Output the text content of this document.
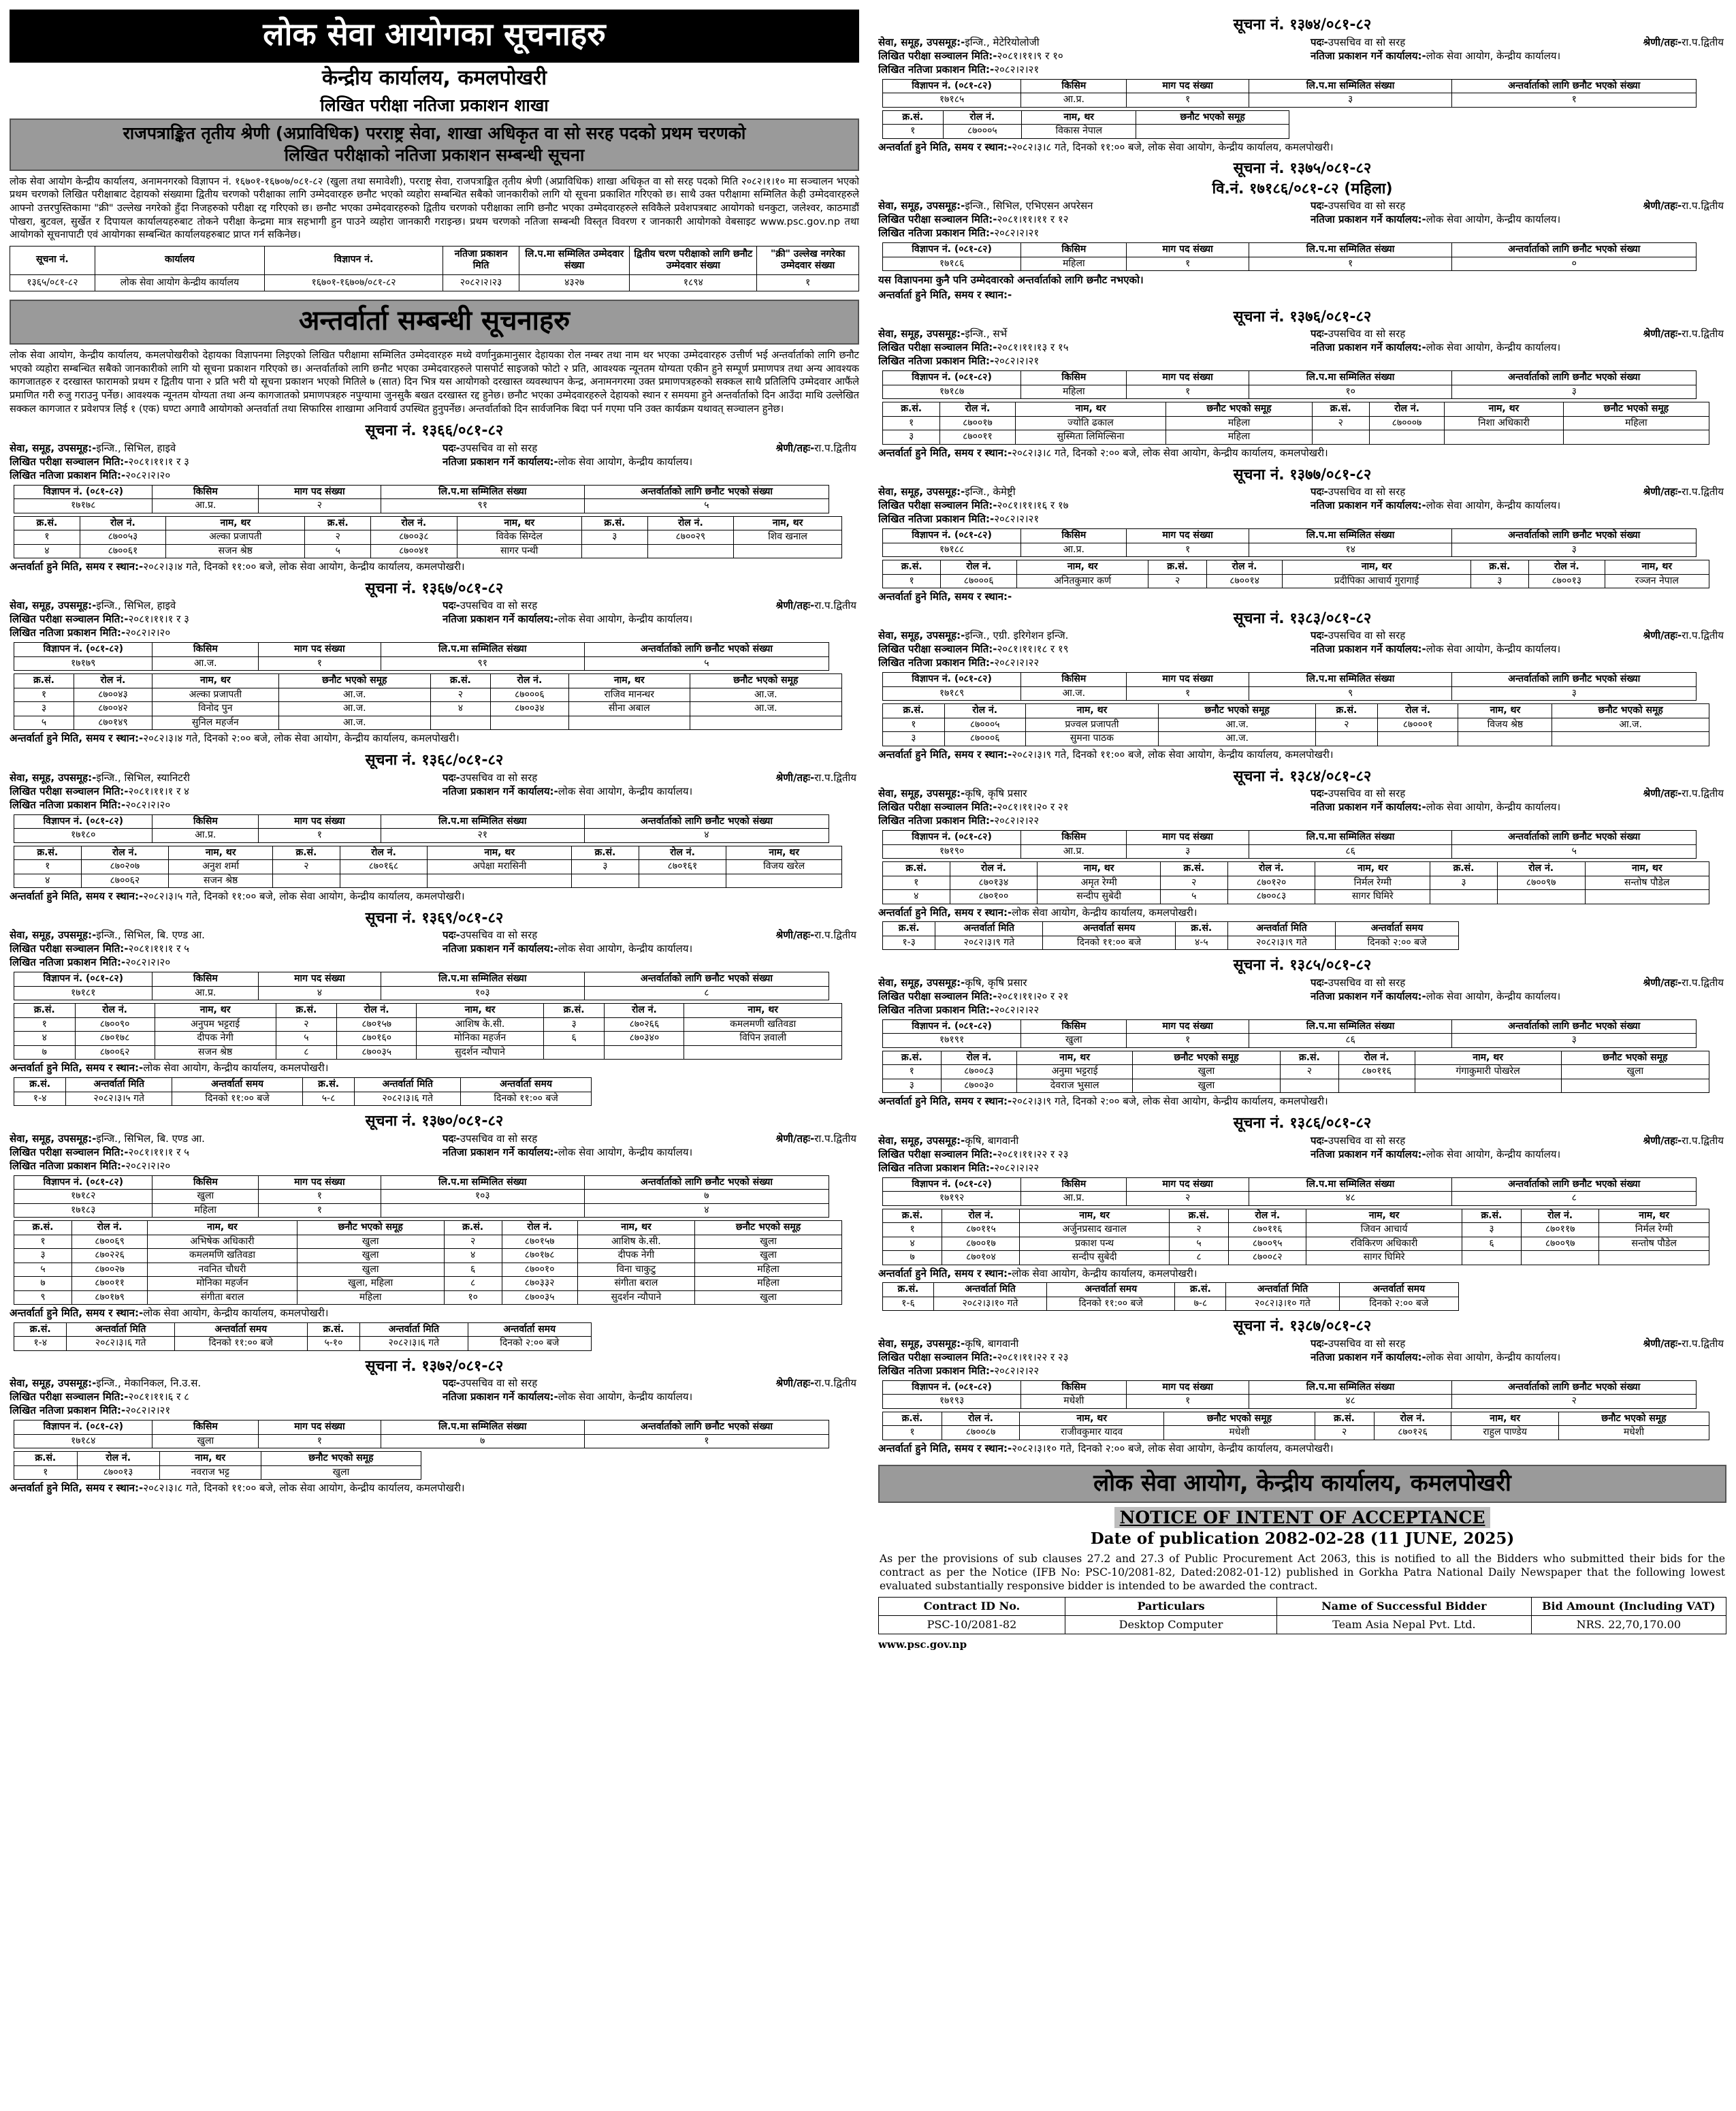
लोक सेवा आयोगका सूचनाहरु
केन्द्रीय कार्यालय, कमलपोखरी
लिखित परीक्षा नतिजा प्रकाशन शाखा
राजपत्राङ्कित तृतीय श्रेणी (अप्राविधिक) परराष्ट्र सेवा, शाखा अधिकृत वा सो सरह पदको प्रथम चरणको
लिखित परीक्षाको नतिजा प्रकाशन सम्बन्धी सूचना

लोक सेवा आयोग केन्द्रीय कार्यालय, अनामनगरको विज्ञापन नं. १६७०१-१६७०७/०८१-८२ (खुला तथा समावेशी), परराष्ट्र सेवा, राजपत्राङ्कित तृतीय श्रेणी (अप्राविधिक) शाखा अधिकृत वा सो सरह पदको मिति २०८२।१।१० मा सञ्चालन भएको प्रथम चरणको लिखित परीक्षाबाट देहायको संख्यामा द्वितीय चरणको परीक्षाका लागि उम्मेदवारहरु छनौट भएको व्यहोरा सम्बन्धित सबैको जानकारीको लागि यो सूचना प्रकाशित गरिएको छ। साथै उक्त परीक्षामा सम्मिलित केही उम्मेदवारहरुले आफ्नो उत्तरपुस्तिकामा "क्री" उल्लेख नगरेको हुँदा निजहरुको परीक्षा रद्द गरिएको छ। छनौट भएका उम्मेदवारहरुको द्वितीय चरणको परीक्षाका लागि छनौट भएका उम्मेदवारहरुले सविकैले प्रवेशपत्रबाट आयोगको धनकुटा, जलेश्वर, काठमाडौं पोखरा, बुटवल, सुर्खेत र दिपायल कार्यालयहरुबाट तोकने परीक्षा केन्द्रमा मात्र सहभागी हुन पाउने व्यहोरा जानकारी गराइन्छ। प्रथम चरणको नतिजा सम्बन्धी विस्तृत विवरण र जानकारी आयोगको वेबसाइट www.psc.gov.np तथा आयोगको सूचनापाटी एवं आयोगका सम्बन्धित कार्यालयहरुबाट प्राप्त गर्न सकिनेछ।

सूचना नं.	कार्यालय	विज्ञापन नं.	नतिजा प्रकाशन मिति	लि.प.मा सम्मिलित उम्मेदवार संख्या	द्वितीय चरण परीक्षाको लागि छनौट उम्मेदवार संख्या	"क्री" उल्लेख नगरेका उम्मेदवार संख्या
१३६५/०८१-८२	लोक सेवा आयोग केन्द्रीय कार्यालय	१६७०१-१६७०७/०८१-८२	२०८२।२।२३	४३२७	१८९४	१
अन्तर्वार्ता सम्बन्धी सूचनाहरु

लोक सेवा आयोग, केन्द्रीय कार्यालय, कमलपोखरीको देहायका विज्ञापनमा लिइएको लिखित परीक्षामा सम्मिलित उम्मेदवारहरु मध्ये वर्णानुक्रमानुसार देहायका रोल नम्बर तथा नाम थर भएका उम्मेदवारहरु उत्तीर्ण भई अन्तर्वार्ताको लागि छनौट भएको व्यहोरा सम्बन्धित सबैको जानकारीको लागि यो सूचना प्रकाशन गरिएको छ। अन्तर्वार्ताको लागि छनौट भएका उम्मेदवारहरुले पासपोर्ट साइजको फोटो २ प्रति, आवश्यक न्यूनतम योग्यता एकीन हुने सम्पूर्ण प्रमाणपत्र तथा अन्य आवश्यक कागजातहरु र दरखास्त फारामको प्रथम र द्वितीय पाना २ प्रति भरी यो सूचना प्रकाशन भएको मितिले ७ (सात) दिन भित्र यस आयोगको दरखास्त व्यवस्थापन केन्द्र, अनामनगरमा उक्त प्रमाणपत्रहरुको सक्कल साथै प्रतिलिपि उम्मेदवार आफैंले प्रमाणित गरी रुजु गराउनु पर्नेछ। आवश्यक न्यूनतम योग्यता तथा अन्य कागजातको प्रमाणपत्रहरु नपुग्यामा जुनसुकै बखत दरखास्त रद्द हुनेछ। छनौट भएका उम्मेदवारहरुले देहायको स्थान र समयमा हुने अन्तर्वार्ताको दिन आउँदा माथि उल्लेखित सक्कल कागजात र प्रवेशपत्र लिई १ (एक) घण्टा अगावै आयोगको अन्तर्वार्ता तथा सिफारिस शाखामा अनिवार्य उपस्थित हुनुपर्नेछ। अन्तर्वार्ताको दिन सार्वजनिक बिदा पर्न गएमा पनि उक्त कार्यक्रम यथावत् सञ्चालन हुनेछ।

सूचना नं. १३६६/०८१-८२
सेवा, समूह, उपसमूह:-इन्जि., सिभिल, हाइवे	पदः-उपसचिव वा सो सरह	श्रेणी/तहः-रा.प.द्वितीय
लिखित परीक्षा सञ्चालन मिति:-२०८१।११।१ र ३	नतिजा प्रकाशन गर्ने कार्यालय:-लोक सेवा आयोग, केन्द्रीय कार्यालय।
लिखित नतिजा प्रकाशन मिति:-२०८२।२।२०
विज्ञापन नं. (०८१-८२)	किसिम	माग पद संख्या	लि.प.मा सम्मिलित संख्या	अन्तर्वार्ताको लागि छनौट भएको संख्या
१७१७८	आ.प्र.	२	९१	५
क्र.सं.	रोल नं.	नाम, थर	क्र.सं.	रोल नं.	नाम, थर	क्र.सं.	रोल नं.	नाम, थर
१	८७००५३	अल्का प्रजापती	२	८७००३८	विवेक सिग्देल	३	८७००२९	शिव खनाल
४	८७००६१	सजन श्रेष्ठ	५	८७००४१	सागर पन्थी			
अन्तर्वार्ता हुने मिति, समय र स्थान:-२०८२।३।४ गते, दिनको ११:०० बजे, लोक सेवा आयोग, केन्द्रीय कार्यालय, कमलपोखरी।
सूचना नं. १३६७/०८१-८२
सेवा, समूह, उपसमूह:-इन्जि., सिभिल, हाइवे	पदः-उपसचिव वा सो सरह	श्रेणी/तहः-रा.प.द्वितीय
लिखित परीक्षा सञ्चालन मिति:-२०८१।११।१ र ३	नतिजा प्रकाशन गर्ने कार्यालय:-लोक सेवा आयोग, केन्द्रीय कार्यालय।
लिखित नतिजा प्रकाशन मिति:-२०८२।२।२०
विज्ञापन नं. (०८१-८२)	किसिम	माग पद संख्या	लि.प.मा सम्मिलित संख्या	अन्तर्वार्ताको लागि छनौट भएको संख्या
१७१७९	आ.ज.	१	९१	५
क्र.सं.	रोल नं.	नाम, थर	छनौट भएको समूह	क्र.सं.	रोल नं.	नाम, थर	छनौट भएको समूह
१	८७००४३	अल्का प्रजापती	आ.ज.	२	८७०००६	राजिव मानन्धर	आ.ज.
३	८७००४२	विनोद पुन	आ.ज.	४	८७००३४	सीना अबाल	आ.ज.
५	८७०१४९	सुनिल महर्जन	आ.ज.				
अन्तर्वार्ता हुने मिति, समय र स्थान:-२०८२।३।४ गते, दिनको २:०० बजे, लोक सेवा आयोग, केन्द्रीय कार्यालय, कमलपोखरी।
सूचना नं. १३६८/०८१-८२
सेवा, समूह, उपसमूह:-इन्जि., सिभिल, स्यानिटरी	पदः-उपसचिव वा सो सरह	श्रेणी/तहः-रा.प.द्वितीय
लिखित परीक्षा सञ्चालन मिति:-२०८१।११।१ र ४	नतिजा प्रकाशन गर्ने कार्यालय:-लोक सेवा आयोग, केन्द्रीय कार्यालय।
लिखित नतिजा प्रकाशन मिति:-२०८२।२।२०
विज्ञापन नं. (०८१-८२)	किसिम	माग पद संख्या	लि.प.मा सम्मिलित संख्या	अन्तर्वार्ताको लागि छनौट भएको संख्या
१७१८०	आ.प्र.	१	२१	४
क्र.सं.	रोल नं.	नाम, थर	क्र.सं.	रोल नं.	नाम, थर	क्र.सं.	रोल नं.	नाम, थर
१	८७०२०७	अनुश शर्मा	२	८७०१६८	अपेक्षा मरासिनी	३	८७०१६१	विजय खरेल
४	८७००६२	सजन श्रेष्ठ						
अन्तर्वार्ता हुने मिति, समय र स्थान:-२०८२।३।५ गते, दिनको ११:०० बजे, लोक सेवा आयोग, केन्द्रीय कार्यालय, कमलपोखरी।
सूचना नं. १३६९/०८१-८२
सेवा, समूह, उपसमूह:-इन्जि., सिभिल, बि. एण्ड आ.	पदः-उपसचिव वा सो सरह	श्रेणी/तहः-रा.प.द्वितीय
लिखित परीक्षा सञ्चालन मिति:-२०८१।११।१ र ५	नतिजा प्रकाशन गर्ने कार्यालय:-लोक सेवा आयोग, केन्द्रीय कार्यालय।
लिखित नतिजा प्रकाशन मिति:-२०८२।२।२०
विज्ञापन नं. (०८१-८२)	किसिम	माग पद संख्या	लि.प.मा सम्मिलित संख्या	अन्तर्वार्ताको लागि छनौट भएको संख्या
१७१८१	आ.प्र.	४	१०३	८
क्र.सं.	रोल नं.	नाम, थर	क्र.सं.	रोल नं.	नाम, थर	क्र.सं.	रोल नं.	नाम, थर
१	८७००९०	अनुपम भट्टराई	२	८७०१५७	आशिष के.सी.	३	८७०२६६	कमलमणी खतिवडा
४	८७०१७८	दीपक नेगी	५	८७०१६०	मोनिका महर्जन	६	८७०३४०	विपिन ज्ञवाली
७	८७००६२	सजन श्रेष्ठ	८	८७००३५	सुदर्शन न्यौपाने			
अन्तर्वार्ता हुने मिति, समय र स्थान:-लोक सेवा आयोग, केन्द्रीय कार्यालय, कमलपोखरी।
क्र.सं.	अन्तर्वार्ता मिति	अन्तर्वार्ता समय	क्र.सं.	अन्तर्वार्ता मिति	अन्तर्वार्ता समय
१-४	२०८२।३।५ गते	दिनको ११:०० बजे	५-८	२०८२।३।६ गते	दिनको ११:०० बजे
सूचना नं. १३७०/०८१-८२
सेवा, समूह, उपसमूह:-इन्जि., सिभिल, बि. एण्ड आ.	पदः-उपसचिव वा सो सरह	श्रेणी/तहः-रा.प.द्वितीय
लिखित परीक्षा सञ्चालन मिति:-२०८१।११।१ र ५	नतिजा प्रकाशन गर्ने कार्यालय:-लोक सेवा आयोग, केन्द्रीय कार्यालय।
लिखित नतिजा प्रकाशन मिति:-२०८२।२।२०
विज्ञापन नं. (०८१-८२)	किसिम	माग पद संख्या	लि.प.मा सम्मिलित संख्या	अन्तर्वार्ताको लागि छनौट भएको संख्या
१७१८२	खुला	१	१०३	७
१७१८३	महिला	१		४
क्र.सं.	रोल नं.	नाम, थर	छनौट भएको समूह	क्र.सं.	रोल नं.	नाम, थर	छनौट भएको समूह
१	८७००६९	अभिषेक अधिकारी	खुला	२	८७०१५७	आशिष के.सी.	खुला
३	८७०२२६	कमलमणि खतिवडा	खुला	४	८७०१७८	दीपक नेगी	खुला
५	८७००२७	नवनित चौधरी	खुला	६	८७००१०	विना चाकुटु	महिला
७	८७००११	मोनिका महर्जन	खुला, महिला	८	८७०३३२	संगीता बराल	महिला
९	८७०१७९	संगीता बराल	महिला	१०	८७००३५	सुदर्शन न्यौपाने	खुला
अन्तर्वार्ता हुने मिति, समय र स्थान:-लोक सेवा आयोग, केन्द्रीय कार्यालय, कमलपोखरी।
क्र.सं.	अन्तर्वार्ता मिति	अन्तर्वार्ता समय	क्र.सं.	अन्तर्वार्ता मिति	अन्तर्वार्ता समय
१-४	२०८२।३।६ गते	दिनको ११:०० बजे	५-१०	२०८२।३।६ गते	दिनको २:०० बजे
सूचना नं. १३७२/०८१-८२
सेवा, समूह, उपसमूह:-इन्जि., मेकानिकल, नि.उ.स.	पदः-उपसचिव वा सो सरह	श्रेणी/तहः-रा.प.द्वितीय
लिखित परीक्षा सञ्चालन मिति:-२०८१।११।६ र ८	नतिजा प्रकाशन गर्ने कार्यालय:-लोक सेवा आयोग, केन्द्रीय कार्यालय।
लिखित नतिजा प्रकाशन मिति:-२०८२।२।२१
विज्ञापन नं. (०८१-८२)	किसिम	माग पद संख्या	लि.प.मा सम्मिलित संख्या	अन्तर्वार्ताको लागि छनौट भएको संख्या
१७१८४	खुला	१	७	१
क्र.सं.	रोल नं.	नाम, थर	छनौट भएको समूह
१	८७००१३	नवराज भट्ट	खुला
अन्तर्वार्ता हुने मिति, समय र स्थान:-२०८२।३।८ गते, दिनको ११:०० बजे, लोक सेवा आयोग, केन्द्रीय कार्यालय, कमलपोखरी।
सूचना नं. १३७४/०८१-८२
सेवा, समूह, उपसमूह:-इन्जि., मेटेरियोलोजी	पदः-उपसचिव वा सो सरह	श्रेणी/तहः-रा.प.द्वितीय
लिखित परीक्षा सञ्चालन मिति:-२०८१।११।९ र १०	नतिजा प्रकाशन गर्ने कार्यालय:-लोक सेवा आयोग, केन्द्रीय कार्यालय।
लिखित नतिजा प्रकाशन मिति:-२०८२।२।२१
विज्ञापन नं. (०८१-८२)	किसिम	माग पद संख्या	लि.प.मा सम्मिलित संख्या	अन्तर्वार्ताको लागि छनौट भएको संख्या
१७१८५	आ.प्र.	१	३	१
क्र.सं.	रोल नं.	नाम, थर	छनौट भएको समूह
१	८७०००५	विकास नेपाल	
अन्तर्वार्ता हुने मिति, समय र स्थान:-२०८२।३।८ गते, दिनको ११:०० बजे, लोक सेवा आयोग, केन्द्रीय कार्यालय, कमलपोखरी।
सूचना नं. १३७५/०८१-८२
वि.नं. १७१८६/०८१-८२ (महिला)
सेवा, समूह, उपसमूह:-इन्जि., सिभिल, एभिएसन अपरेसन	पदः-उपसचिव वा सो सरह	श्रेणी/तहः-रा.प.द्वितीय
लिखित परीक्षा सञ्चालन मिति:-२०८१।११।११ र १२	नतिजा प्रकाशन गर्ने कार्यालय:-लोक सेवा आयोग, केन्द्रीय कार्यालय।
लिखित नतिजा प्रकाशन मिति:-२०८२।२।२१
विज्ञापन नं. (०८१-८२)	किसिम	माग पद संख्या	लि.प.मा सम्मिलित संख्या	अन्तर्वार्ताको लागि छनौट भएको संख्या
१७१८६	महिला	१	१	०
यस विज्ञापनमा कुनै पनि उम्मेदवारको अन्तर्वार्ताको लागि छनौट नभएको।
अन्तर्वार्ता हुने मिति, समय र स्थान:-
सूचना नं. १३७६/०८१-८२
सेवा, समूह, उपसमूह:-इन्जि., सर्भे	पदः-उपसचिव वा सो सरह	श्रेणी/तहः-रा.प.द्वितीय
लिखित परीक्षा सञ्चालन मिति:-२०८१।११।१३ र १५	नतिजा प्रकाशन गर्ने कार्यालय:-लोक सेवा आयोग, केन्द्रीय कार्यालय।
लिखित नतिजा प्रकाशन मिति:-२०८२।२।२१
विज्ञापन नं. (०८१-८२)	किसिम	माग पद संख्या	लि.प.मा सम्मिलित संख्या	अन्तर्वार्ताको लागि छनौट भएको संख्या
१७१८७	महिला	१	१०	३
क्र.सं.	रोल नं.	नाम, थर	छनौट भएको समूह	क्र.सं.	रोल नं.	नाम, थर	छनौट भएको समूह
१	८७००१७	ज्योति ढकाल	महिला	२	८७०००७	निशा अधिकारी	महिला
३	८७००११	सुस्मिता लिमिल्सिना	महिला				
अन्तर्वार्ता हुने मिति, समय र स्थान:-२०८२।३।८ गते, दिनको २:०० बजे, लोक सेवा आयोग, केन्द्रीय कार्यालय, कमलपोखरी।
सूचना नं. १३७७/०८१-८२
सेवा, समूह, उपसमूह:-इन्जि., केमेष्ट्री	पदः-उपसचिव वा सो सरह	श्रेणी/तहः-रा.प.द्वितीय
लिखित परीक्षा सञ्चालन मिति:-२०८१।११।१६ र १७	नतिजा प्रकाशन गर्ने कार्यालय:-लोक सेवा आयोग, केन्द्रीय कार्यालय।
लिखित नतिजा प्रकाशन मिति:-२०८२।२।२१
विज्ञापन नं. (०८१-८२)	किसिम	माग पद संख्या	लि.प.मा सम्मिलित संख्या	अन्तर्वार्ताको लागि छनौट भएको संख्या
१७१८८	आ.प्र.	१	१४	३
क्र.सं.	रोल नं.	नाम, थर	क्र.सं.	रोल नं.	नाम, थर	क्र.सं.	रोल नं.	नाम, थर
१	८७०००६	अनितकुमार कर्ण	२	८७००१४	प्रदीपिका आचार्य गुरागाई	३	८७००१३	रञ्जन नेपाल
अन्तर्वार्ता हुने मिति, समय र स्थान:-
सूचना नं. १३८३/०८१-८२
सेवा, समूह, उपसमूह:-इन्जि., एग्री. इरिगेशन इन्जि.	पदः-उपसचिव वा सो सरह	श्रेणी/तहः-रा.प.द्वितीय
लिखित परीक्षा सञ्चालन मिति:-२०८१।११।१८ र १९	नतिजा प्रकाशन गर्ने कार्यालय:-लोक सेवा आयोग, केन्द्रीय कार्यालय।
लिखित नतिजा प्रकाशन मिति:-२०८२।२।२२
विज्ञापन नं. (०८१-८२)	किसिम	माग पद संख्या	लि.प.मा सम्मिलित संख्या	अन्तर्वार्ताको लागि छनौट भएको संख्या
१७१८९	आ.ज.	१	९	३
क्र.सं.	रोल नं.	नाम, थर	छनौट भएको समूह	क्र.सं.	रोल नं.	नाम, थर	छनौट भएको समूह
१	८७०००५	प्रज्वल प्रजापती	आ.ज.	२	८७०००१	विजय श्रेष्ठ	आ.ज.
३	८७०००६	सुमना पाठक	आ.ज.				
अन्तर्वार्ता हुने मिति, समय र स्थान:-२०८२।३।९ गते, दिनको ११:०० बजे, लोक सेवा आयोग, केन्द्रीय कार्यालय, कमलपोखरी।
सूचना नं. १३८४/०८१-८२
सेवा, समूह, उपसमूह:-कृषि, कृषि प्रसार	पदः-उपसचिव वा सो सरह	श्रेणी/तहः-रा.प.द्वितीय
लिखित परीक्षा सञ्चालन मिति:-२०८१।११।२० र २१	नतिजा प्रकाशन गर्ने कार्यालय:-लोक सेवा आयोग, केन्द्रीय कार्यालय।
लिखित नतिजा प्रकाशन मिति:-२०८२।२।२२
विज्ञापन नं. (०८१-८२)	किसिम	माग पद संख्या	लि.प.मा सम्मिलित संख्या	अन्तर्वार्ताको लागि छनौट भएको संख्या
१७१९०	आ.प्र.	३	८६	५
क्र.सं.	रोल नं.	नाम, थर	क्र.सं.	रोल नं.	नाम, थर	क्र.सं.	रोल नं.	नाम, थर
१	८७०१३४	अमृत रेग्मी	२	८७०१२०	निर्मल रेग्मी	३	८७००९७	सन्तोष पौडेल
४	८७०१००	सन्दीप सुबेदी	५	८७००८३	सागर घिमिरे			
अन्तर्वार्ता हुने मिति, समय र स्थान:-लोक सेवा आयोग, केन्द्रीय कार्यालय, कमलपोखरी।
क्र.सं.	अन्तर्वार्ता मिति	अन्तर्वार्ता समय	क्र.सं.	अन्तर्वार्ता मिति	अन्तर्वार्ता समय
१-३	२०८२।३।९ गते	दिनको ११:०० बजे	४-५	२०८२।३।९ गते	दिनको २:०० बजे
सूचना नं. १३८५/०८१-८२
सेवा, समूह, उपसमूह:-कृषि, कृषि प्रसार	पदः-उपसचिव वा सो सरह	श्रेणी/तहः-रा.प.द्वितीय
लिखित परीक्षा सञ्चालन मिति:-२०८१।११।२० र २१	नतिजा प्रकाशन गर्ने कार्यालय:-लोक सेवा आयोग, केन्द्रीय कार्यालय।
लिखित नतिजा प्रकाशन मिति:-२०८२।२।२२
विज्ञापन नं. (०८१-८२)	किसिम	माग पद संख्या	लि.प.मा सम्मिलित संख्या	अन्तर्वार्ताको लागि छनौट भएको संख्या
१७१९१	खुला	१	८६	३
क्र.सं.	रोल नं.	नाम, थर	छनौट भएको समूह	क्र.सं.	रोल नं.	नाम, थर	छनौट भएको समूह
१	८७००८३	अनुमा भट्टराई	खुला	२	८७०११६	गंगाकुमारी पोखरेल	खुला
३	८७००३०	देवराज भुसाल	खुला				
अन्तर्वार्ता हुने मिति, समय र स्थान:-२०८२।३।९ गते, दिनको २:०० बजे, लोक सेवा आयोग, केन्द्रीय कार्यालय, कमलपोखरी।
सूचना नं. १३८६/०८१-८२
सेवा, समूह, उपसमूह:-कृषि, बागवानी	पदः-उपसचिव वा सो सरह	श्रेणी/तहः-रा.प.द्वितीय
लिखित परीक्षा सञ्चालन मिति:-२०८१।११।२२ र २३	नतिजा प्रकाशन गर्ने कार्यालय:-लोक सेवा आयोग, केन्द्रीय कार्यालय।
लिखित नतिजा प्रकाशन मिति:-२०८२।२।२२
विज्ञापन नं. (०८१-८२)	किसिम	माग पद संख्या	लि.प.मा सम्मिलित संख्या	अन्तर्वार्ताको लागि छनौट भएको संख्या
१७१९२	आ.प्र.	२	४८	८
क्र.सं.	रोल नं.	नाम, थर	क्र.सं.	रोल नं.	नाम, थर	क्र.सं.	रोल नं.	नाम, थर
१	८७०११५	अर्जुनप्रसाद खनाल	२	८७०११६	जिवन आचार्य	३	८७०११७	निर्मल रेग्मी
४	८७००१७	प्रकाश पन्थ	५	८७००९५	रविकिरण अधिकारी	६	८७००९७	सन्तोष पौडेल
७	८७०१०४	सन्दीप सुबेदी	८	८७००८२	सागर घिमिरे			
अन्तर्वार्ता हुने मिति, समय र स्थान:-लोक सेवा आयोग, केन्द्रीय कार्यालय, कमलपोखरी।
क्र.सं.	अन्तर्वार्ता मिति	अन्तर्वार्ता समय	क्र.सं.	अन्तर्वार्ता मिति	अन्तर्वार्ता समय
१-६	२०८२।३।१० गते	दिनको ११:०० बजे	७-८	२०८२।३।१० गते	दिनको २:०० बजे
सूचना नं. १३८७/०८१-८२
सेवा, समूह, उपसमूह:-कृषि, बागवानी	पदः-उपसचिव वा सो सरह	श्रेणी/तहः-रा.प.द्वितीय
लिखित परीक्षा सञ्चालन मिति:-२०८१।११।२२ र २३	नतिजा प्रकाशन गर्ने कार्यालय:-लोक सेवा आयोग, केन्द्रीय कार्यालय।
लिखित नतिजा प्रकाशन मिति:-२०८२।२।२२
विज्ञापन नं. (०८१-८२)	किसिम	माग पद संख्या	लि.प.मा सम्मिलित संख्या	अन्तर्वार्ताको लागि छनौट भएको संख्या
१७१९३	मधेशी	१	४८	२
क्र.सं.	रोल नं.	नाम, थर	छनौट भएको समूह	क्र.सं.	रोल नं.	नाम, थर	छनौट भएको समूह
१	८७००८७	राजीवकुमार यादव	मधेशी	२	८७०१२६	राहुल पाण्डेय	मधेशी
अन्तर्वार्ता हुने मिति, समय र स्थान:-२०८२।३।१० गते, दिनको २:०० बजे, लोक सेवा आयोग, केन्द्रीय कार्यालय, कमलपोखरी।
लोक सेवा आयोग, केन्द्रीय कार्यालय, कमलपोखरी
NOTICE OF INTENT OF ACCEPTANCE
Date of publication 2082-02-28 (11 JUNE, 2025)
As per the provisions of sub clauses 27.2 and 27.3 of Public Procurement Act 2063, this is notified to all the Bidders who submitted their bids for the contract as per the Notice (IFB No: PSC-10/2081-82, Dated:2082-01-12) published in Gorkha Patra National Daily Newspaper that the following lowest evaluated substantially responsive bidder is intended to be awarded the contract.
Contract ID No.	Particulars	Name of Successful Bidder	Bid Amount (Including VAT)
PSC-10/2081-82	Desktop Computer	Team Asia Nepal Pvt. Ltd.	NRS. 22,70,170.00
www.psc.gov.np
